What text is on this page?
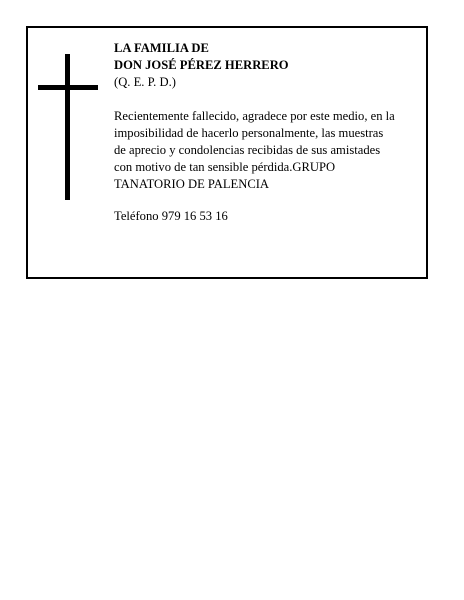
LA FAMILIA DE
DON JOSÉ PÉREZ HERRERO
(Q. E. P. D.)
Recientemente fallecido, agradece por este medio, en la
imposibilidad de hacerlo personalmente, las muestras
de aprecio y condolencias recibidas de sus amistades
con motivo de tan sensible pérdida.GRUPO
TANATORIO DE PALENCIA
Teléfono 979 16 53 16
